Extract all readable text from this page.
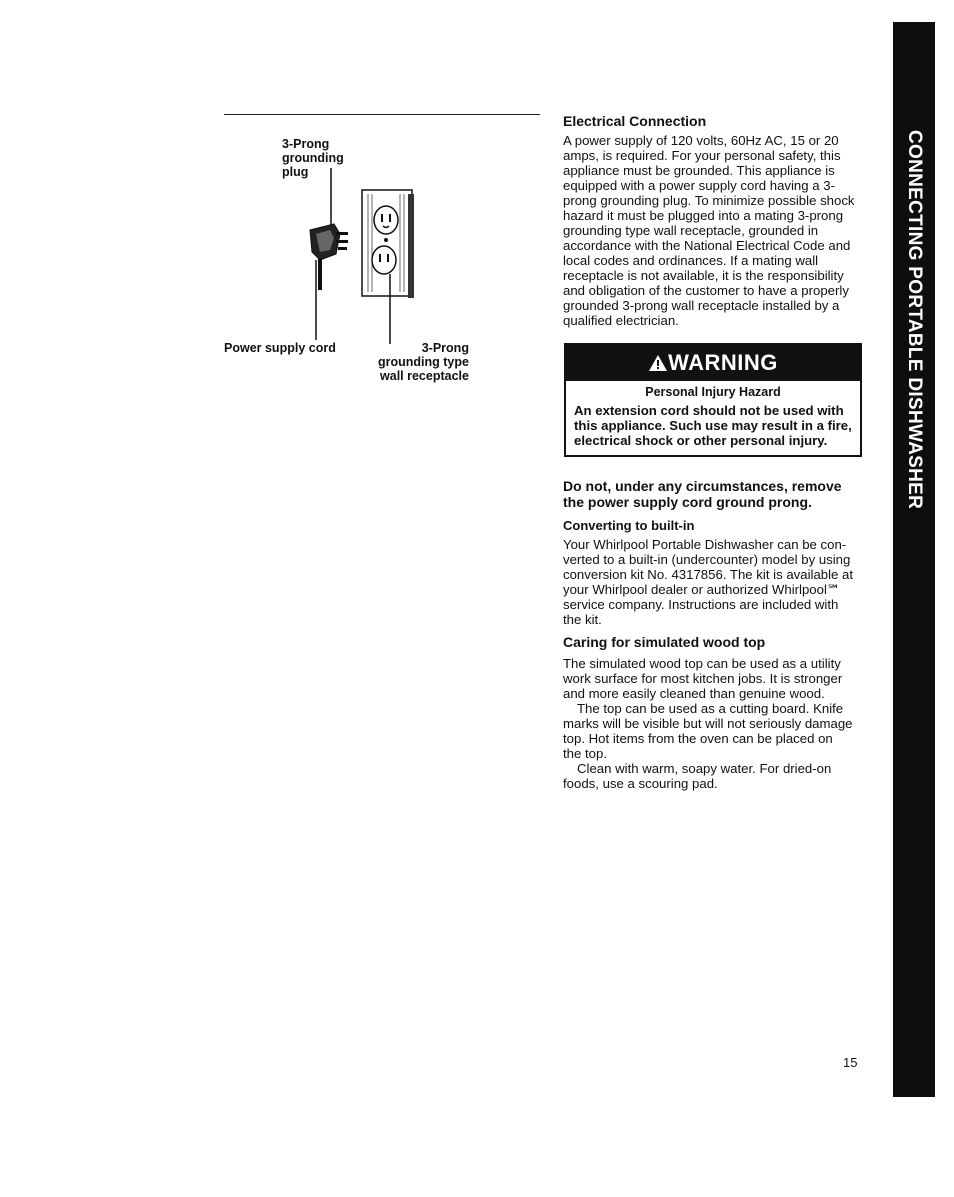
3-Prong
grounding
plug
Power supply cord	3-Prong
grounding type
wall receptacle
Electrical Connection
A power supply of 120 volts, 60Hz AC, 15 or 20
amps, is required. For your personal safety, this
appliance must be grounded. This appliance is
equipped with a power supply cord having a 3-
prong grounding plug. To minimize possible shock
hazard it must be plugged into a mating 3-prong
grounding type wall receptacle, grounded in
accordance with the National Electrical Code and
local codes and ordinances. If a mating wall
receptacle is not available, it is the responsibility
and obligation of the customer to have a properly
grounded 3-prong wall receptacle installed by a
qualified electrician.
WARNING
Personal Injury Hazard
An extension cord should not be used with
this appliance. Such use may result in a fire,
electrical shock or other personal injury.
Do not, under any circumstances, remove
the power supply cord ground prong.
Converting to built-in
Your Whirlpool Portable Dishwasher can be con-
verted to a built-in (undercounter) model by using
conversion kit No. 4317856. The kit is available at
your Whirlpool dealer or authorized Whirlpool℠
service company. Instructions are included with
the kit.
Caring for simulated wood top
The simulated wood top can be used as a utility
work surface for most kitchen jobs. It is stronger
and more easily cleaned than genuine wood.
The top can be used as a cutting board. Knife
marks will be visible but will not seriously damage
top. Hot items from the oven can be placed on
the top.
Clean with warm, soapy water. For dried-on
foods, use a scouring pad.
CONNECTING PORTABLE DISHWASHER
15
